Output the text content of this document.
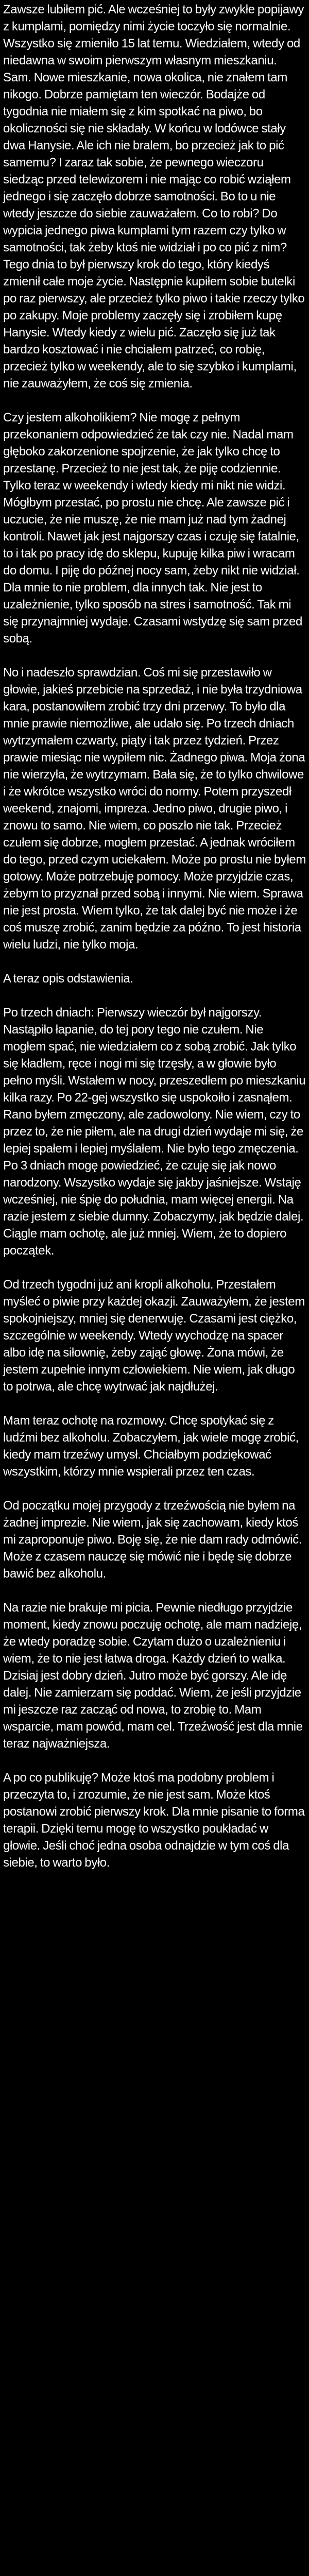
Zawsze lubiłem pić. Ale wcześniej to były zwykłe popijawy z kumplami, pomiędzy nimi życie toczyło się normalnie. Wszystko się zmieniło 15 lat temu. Wiedziałem, wtedy od niedawna w swoim pierwszym własnym mieszkaniu. Sam. Nowe mieszkanie, nowa okolica, nie znałem tam nikogo. Dobrze pamiętam ten wieczór. Bodajże od tygodnia nie miałem się z kim spotkać na piwo, bo okoliczności się nie składały. W końcu w lodówce stały dwa Hanysie. Ale ich nie bralem, bo przecież jak to pić samemu? I zaraz tak sobie, że pewnego wieczoru siedząc przed telewizorem i nie mając co robić wziąłem jednego i się zaczęło dobrze samotności. Bo to u nie wtedy jeszcze do siebie zauważałem. Co to robi? Do wypicia jednego piwa kumplami tym razem czy tylko w samotności, tak żeby ktoś nie widział i po co pić z nim? Tego dnia to był pierwszy krok do tego, który kiedyś zmienił całe moje życie. Następnie kupiłem sobie butelki po raz pierwszy, ale przecież tylko piwo i takie rzeczy tylko po zakupy. Moje problemy zaczęły się i zrobiłem kupę Hanysie. Wtedy kiedy z wielu pić. Zaczęło się już tak bardzo kosztować i nie chciałem patrzeć, co robię, przecież tylko w weekendy, ale to się szybko i kumplami, nie zauważyłem, że coś się zmienia.

Czy jestem alkoholikiem? Nie mogę z pełnym przekonaniem odpowiedzieć że tak czy nie. Nadal mam głęboko zakorzenione spojrzenie, że jak tylko chcę to przestanę. Przecież to nie jest tak, że piję codziennie. Tylko teraz w weekendy i wtedy kiedy mi nikt nie widzi. Mógłbym przestać, po prostu nie chcę. Ale zawsze pić i uczucie, że nie muszę, że nie mam już nad tym żadnej kontroli. Nawet jak jest najgorszy czas i czuję się fatalnie, to i tak po pracy idę do sklepu, kupuję kilka piw i wracam do domu. I piję do późnej nocy sam, żeby nikt nie widział. Dla mnie to nie problem, dla innych tak. Nie jest to uzależnienie, tylko sposób na stres i samotność. Tak mi się przynajmniej wydaje. Czasami wstydzę się sam przed sobą.

No i nadeszło sprawdzian. Coś mi się przestawiło w głowie, jakieś przebicie na sprzedaż, i nie była trzydniowa kara, postanowiłem zrobić trzy dni przerwy. To było dla mnie prawie niemożliwe, ale udało się. Po trzech dniach wytrzymałem czwarty, piąty i tak przez tydzień. Przez prawie miesiąc nie wypiłem nic. Żadnego piwa. Moja żona nie wierzyła, że wytrzymam. Bała się, że to tylko chwilowe i że wkrótce wszystko wróci do normy. Potem przyszedł weekend, znajomi, impreza. Jedno piwo, drugie piwo, i znowu to samo. Nie wiem, co poszło nie tak. Przecież czułem się dobrze, mogłem przestać. A jednak wróciłem do tego, przed czym uciekałem. Może po prostu nie byłem gotowy. Może potrzebuję pomocy. Może przyjdzie czas, żebym to przyznał przed sobą i innymi. Nie wiem. Sprawa nie jest prosta. Wiem tylko, że tak dalej być nie może i że coś muszę zrobić, zanim będzie za późno. To jest historia wielu ludzi, nie tylko moja.

A teraz opis odstawienia.

Po trzech dniach: Pierwszy wieczór był najgorszy. Nastąpiło łapanie, do tej pory tego nie czułem. Nie mogłem spać, nie wiedziałem co z sobą zrobić. Jak tylko się kładłem, ręce i nogi mi się trzęsły, a w głowie było pełno myśli. Wstałem w nocy, przeszedłem po mieszkaniu kilka razy. Po 22-gej wszystko się uspokoiło i zasnąłem. Rano byłem zmęczony, ale zadowolony. Nie wiem, czy to przez to, że nie piłem, ale na drugi dzień wydaje mi się, że lepiej spałem i lepiej myślałem. Nie było tego zmęczenia. Po 3 dniach mogę powiedzieć, że czuję się jak nowo narodzony. Wszystko wydaje się jakby jaśniejsze. Wstaję wcześniej, nie śpię do południa, mam więcej energii. Na razie jestem z siebie dumny. Zobaczymy, jak będzie dalej. Ciągle mam ochotę, ale już mniej. Wiem, że to dopiero początek.

Od trzech tygodni już ani kropli alkoholu. Przestałem myśleć o piwie przy każdej okazji. Zauważyłem, że jestem spokojniejszy, mniej się denerwuję. Czasami jest ciężko, szczególnie w weekendy. Wtedy wychodzę na spacer albo idę na siłownię, żeby zająć głowę. Żona mówi, że jestem zupełnie innym człowiekiem. Nie wiem, jak długo to potrwa, ale chcę wytrwać jak najdłużej.

Mam teraz ochotę na rozmowy. Chcę spotykać się z ludźmi bez alkoholu. Zobaczyłem, jak wiele mogę zrobić, kiedy mam trzeźwy umysł. Chciałbym podziękować wszystkim, którzy mnie wspierali przez ten czas.

Od początku mojej przygody z trzeźwością nie byłem na żadnej imprezie. Nie wiem, jak się zachowam, kiedy ktoś mi zaproponuje piwo. Boję się, że nie dam rady odmówić. Może z czasem nauczę się mówić nie i będę się dobrze bawić bez alkoholu.

Na razie nie brakuje mi picia. Pewnie niedługo przyjdzie moment, kiedy znowu poczuję ochotę, ale mam nadzieję, że wtedy poradzę sobie. Czytam dużo o uzależnieniu i wiem, że to nie jest łatwa droga. Każdy dzień to walka. Dzisiaj jest dobry dzień. Jutro może być gorszy. Ale idę dalej. Nie zamierzam się poddać. Wiem, że jeśli przyjdzie mi jeszcze raz zacząć od nowa, to zrobię to. Mam wsparcie, mam powód, mam cel. Trzeźwość jest dla mnie teraz najważniejsza.

A po co publikuję? Może ktoś ma podobny problem i przeczyta to, i zrozumie, że nie jest sam. Może ktoś postanowi zrobić pierwszy krok. Dla mnie pisanie to forma terapii. Dzięki temu mogę to wszystko poukładać w głowie. Jeśli choć jedna osoba odnajdzie w tym coś dla siebie, to warto było.
